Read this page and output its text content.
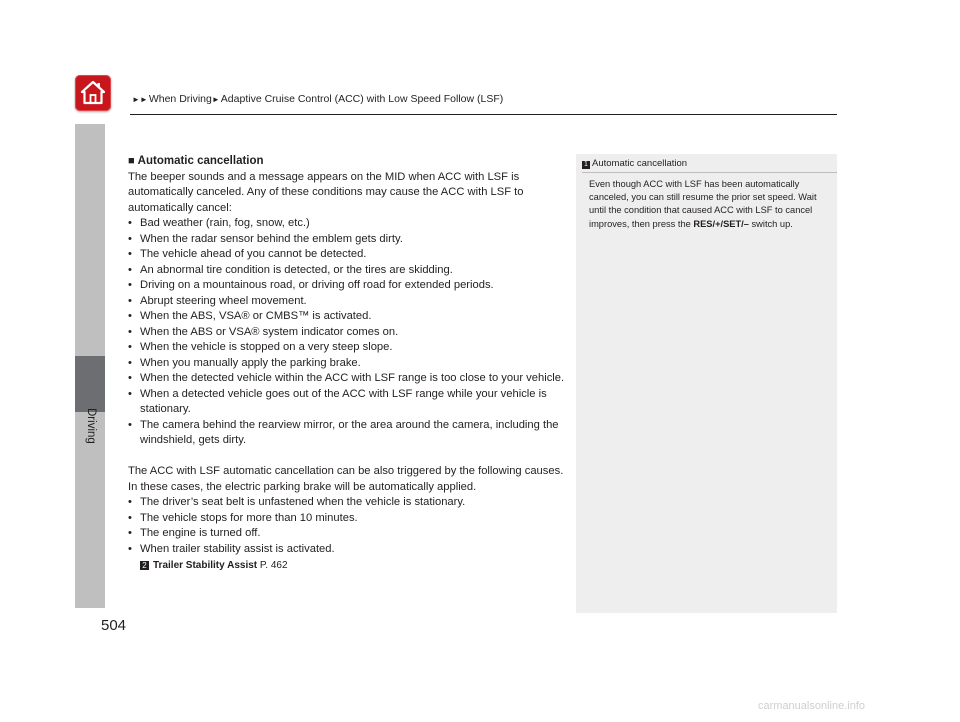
►►When Driving►Adaptive Cruise Control (ACC) with Low Speed Follow (LSF)
Driving
504
■ Automatic cancellation

The beeper sounds and a message appears on the MID when ACC with LSF is automatically canceled. Any of these conditions may cause the ACC with LSF to automatically cancel:

• Bad weather (rain, fog, snow, etc.)
• When the radar sensor behind the emblem gets dirty.
• The vehicle ahead of you cannot be detected.
• An abnormal tire condition is detected, or the tires are skidding.
• Driving on a mountainous road, or driving off road for extended periods.
• Abrupt steering wheel movement.
• When the ABS, VSA® or CMBS™ is activated.
• When the ABS or VSA® system indicator comes on.
• When the vehicle is stopped on a very steep slope.
• When you manually apply the parking brake.
• When the detected vehicle within the ACC with LSF range is too close to your vehicle.
• When a detected vehicle goes out of the ACC with LSF range while your vehicle is stationary.
• The camera behind the rearview mirror, or the area around the camera, including the windshield, gets dirty.

The ACC with LSF automatic cancellation can be also triggered by the following causes. In these cases, the electric parking brake will be automatically applied.

• The driver’s seat belt is unfastened when the vehicle is stationary.
• The vehicle stops for more than 10 minutes.
• The engine is turned off.
• When trailer stability assist is activated.
2 Trailer Stability Assist P. 462
1 Automatic cancellation
Even though ACC with LSF has been automatically canceled, you can still resume the prior set speed. Wait until the condition that caused ACC with LSF to cancel improves, then press the RES/+/SET/– switch up.
carmanualsonline.info
